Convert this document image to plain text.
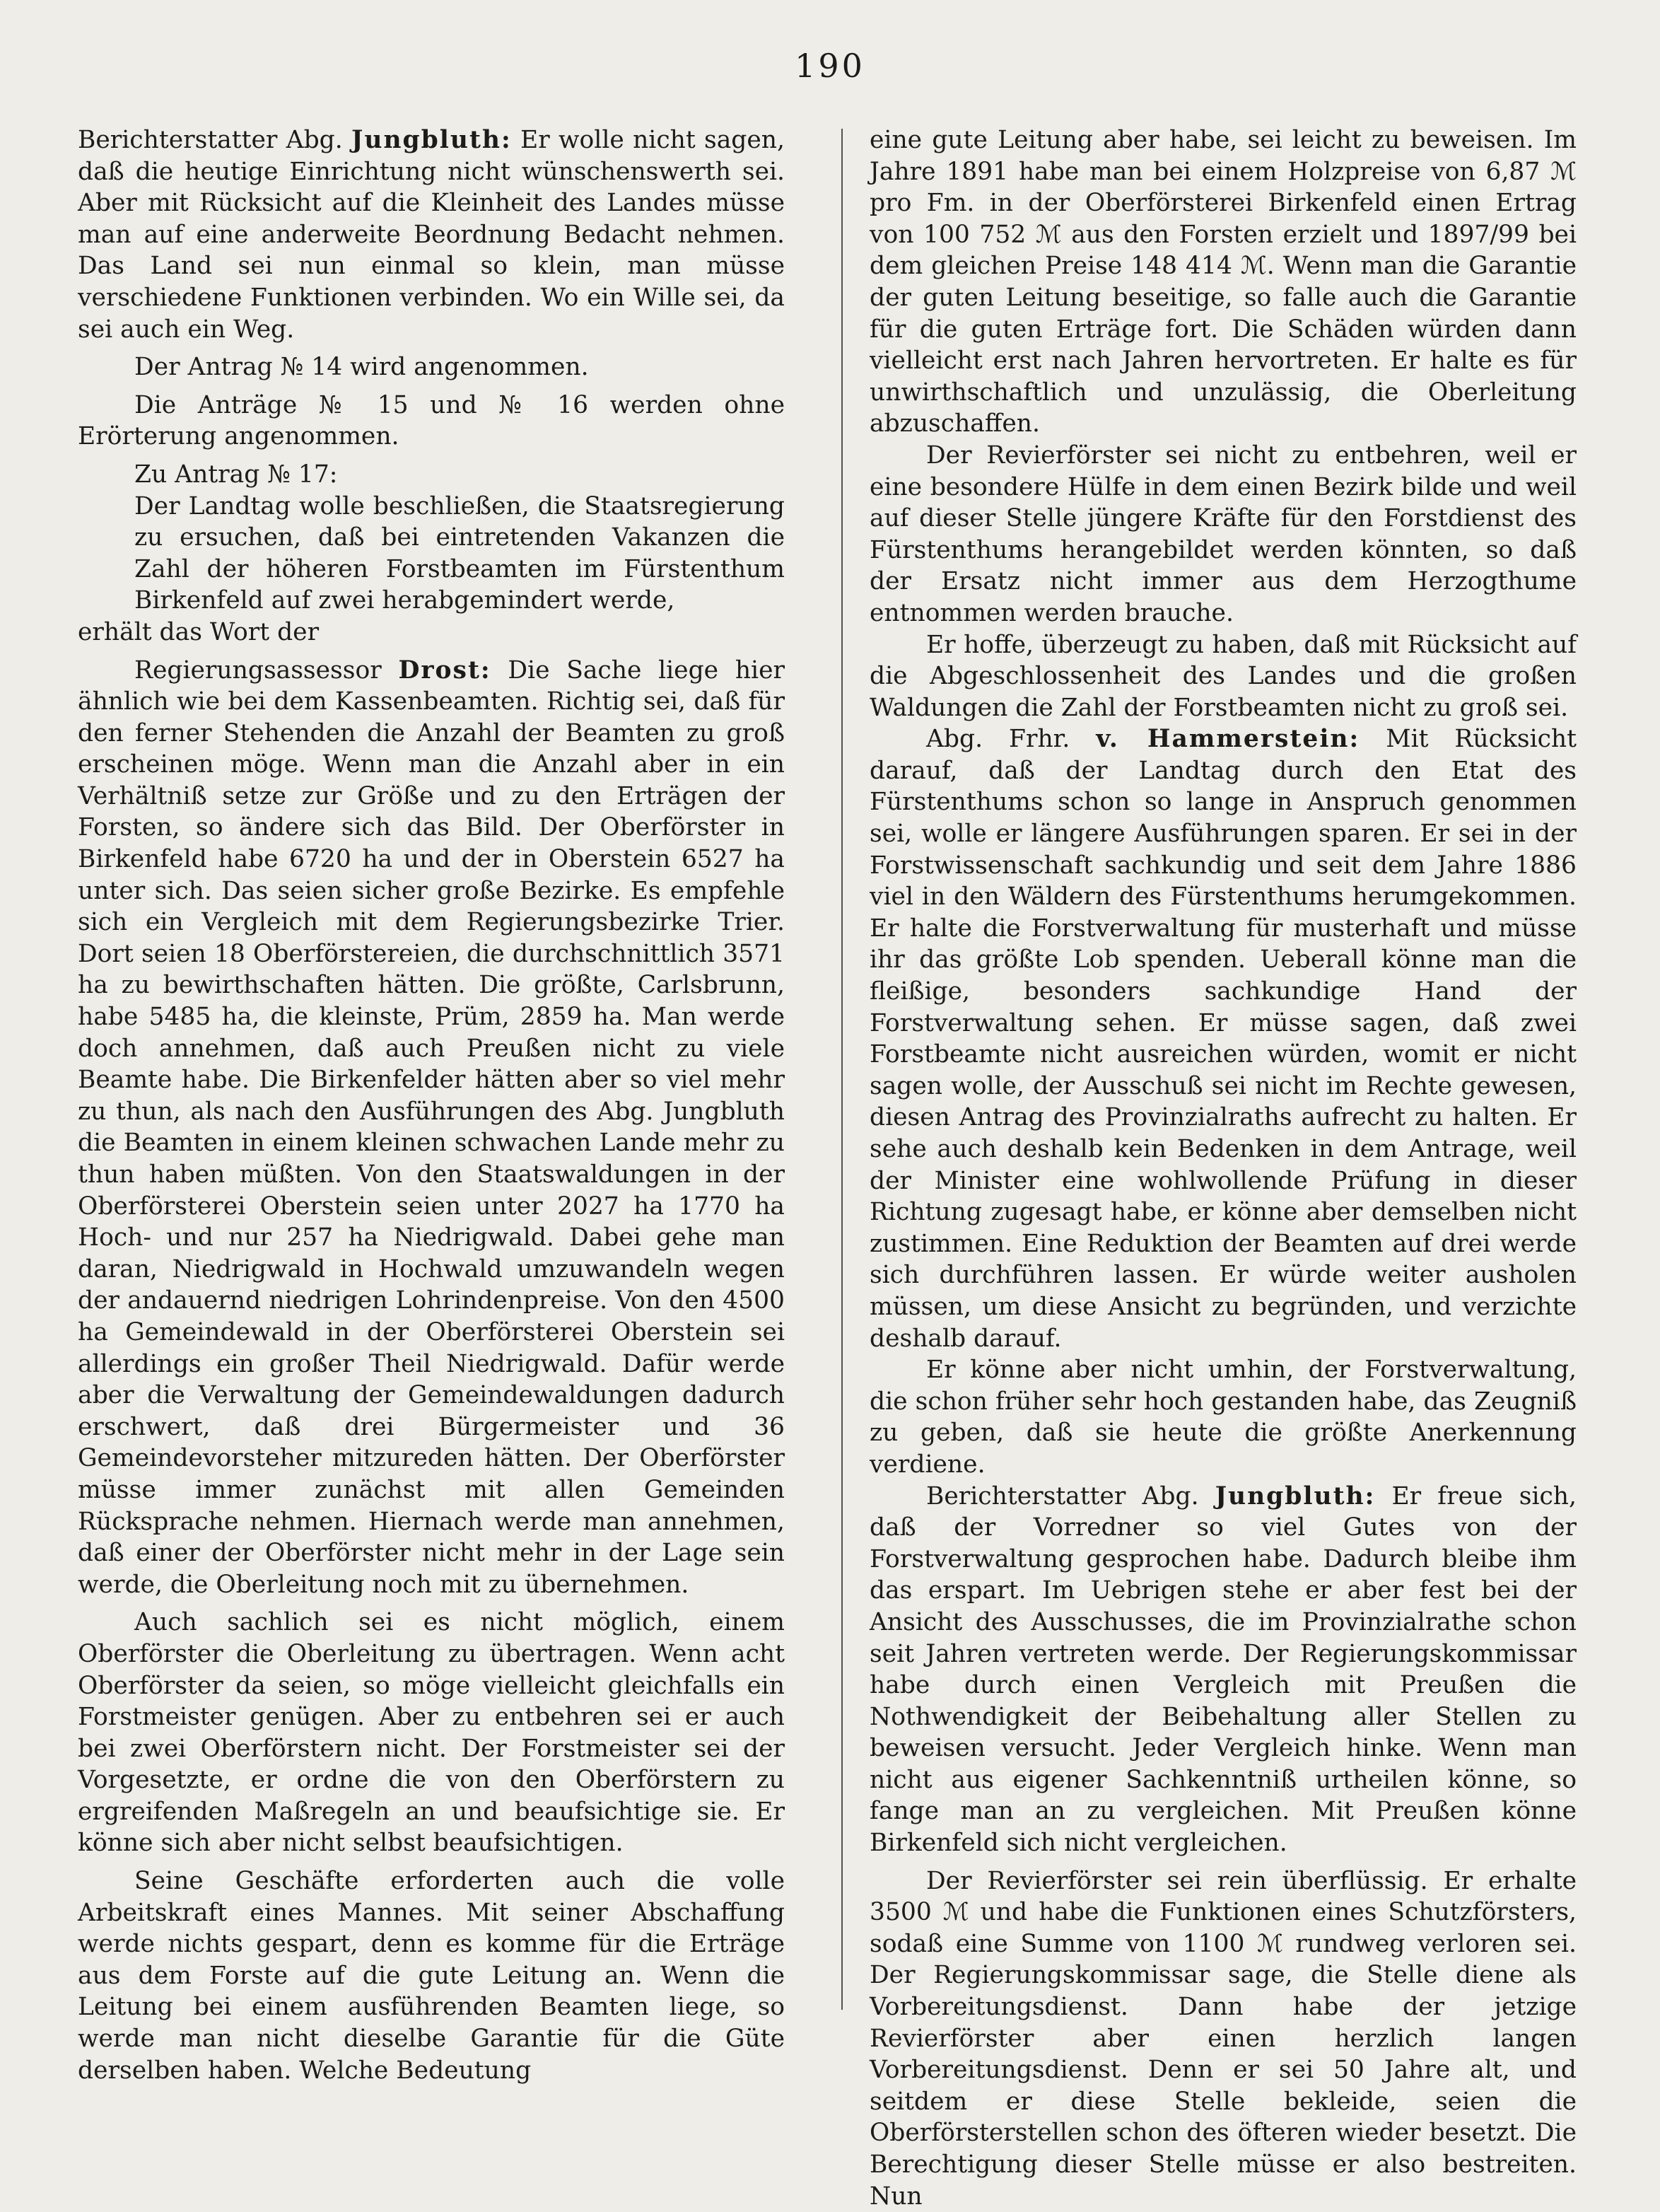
190

Berichterstatter Abg. Jungbluth: Er wolle nicht sagen, daß die heutige Einrichtung nicht wünschenswerth sei. Aber mit Rücksicht auf die Kleinheit des Landes müsse man auf eine anderweite Beordnung Bedacht nehmen. Das Land sei nun einmal so klein, man müsse verschiedene Funktionen verbinden. Wo ein Wille sei, da sei auch ein Weg.

Der Antrag № 14 wird angenommen.

Die Anträge № 15 und № 16 werden ohne Erörterung angenommen.

Zu Antrag № 17:

Der Landtag wolle beschließen, die Staatsregierung zu ersuchen, daß bei eintretenden Vakanzen die Zahl der höheren Forstbeamten im Fürstenthum Birkenfeld auf zwei herabgemindert werde,

erhält das Wort der

Regierungsassessor Drost: Die Sache liege hier ähnlich wie bei dem Kassenbeamten. Richtig sei, daß für den ferner Stehenden die Anzahl der Beamten zu groß erscheinen möge. Wenn man die Anzahl aber in ein Verhältniß setze zur Größe und zu den Erträgen der Forsten, so ändere sich das Bild. Der Oberförster in Birkenfeld habe 6720 ha und der in Oberstein 6527 ha unter sich. Das seien sicher große Bezirke. Es empfehle sich ein Vergleich mit dem Regierungsbezirke Trier. Dort seien 18 Oberförstereien, die durchschnittlich 3571 ha zu bewirthschaften hätten. Die größte, Carlsbrunn, habe 5485 ha, die kleinste, Prüm, 2859 ha. Man werde doch annehmen, daß auch Preußen nicht zu viele Beamte habe. Die Birkenfelder hätten aber so viel mehr zu thun, als nach den Ausführungen des Abg. Jungbluth die Beamten in einem kleinen schwachen Lande mehr zu thun haben müßten. Von den Staatswaldungen in der Oberförsterei Oberstein seien unter 2027 ha 1770 ha Hoch- und nur 257 ha Niedrigwald. Dabei gehe man daran, Niedrigwald in Hochwald umzuwandeln wegen der andauernd niedrigen Lohrindenpreise. Von den 4500 ha Gemeindewald in der Oberförsterei Oberstein sei allerdings ein großer Theil Niedrigwald. Dafür werde aber die Verwaltung der Gemeindewaldungen dadurch erschwert, daß drei Bürgermeister und 36 Gemeindevorsteher mitzureden hätten. Der Oberförster müsse immer zunächst mit allen Gemeinden Rücksprache nehmen. Hiernach werde man annehmen, daß einer der Oberförster nicht mehr in der Lage sein werde, die Oberleitung noch mit zu übernehmen.

Auch sachlich sei es nicht möglich, einem Oberförster die Oberleitung zu übertragen. Wenn acht Oberförster da seien, so möge vielleicht gleichfalls ein Forstmeister genügen. Aber zu entbehren sei er auch bei zwei Oberförstern nicht. Der Forstmeister sei der Vorgesetzte, er ordne die von den Oberförstern zu ergreifenden Maßregeln an und beaufsichtige sie. Er könne sich aber nicht selbst beaufsichtigen.

Seine Geschäfte erforderten auch die volle Arbeitskraft eines Mannes. Mit seiner Abschaffung werde nichts gespart, denn es komme für die Erträge aus dem Forste auf die gute Leitung an. Wenn die Leitung bei einem ausführenden Beamten liege, so werde man nicht dieselbe Garantie für die Güte derselben haben. Welche Bedeutung

eine gute Leitung aber habe, sei leicht zu beweisen. Im Jahre 1891 habe man bei einem Holzpreise von 6,87 ℳ pro Fm. in der Oberförsterei Birkenfeld einen Ertrag von 100 752 ℳ aus den Forsten erzielt und 1897/99 bei dem gleichen Preise 148 414 ℳ. Wenn man die Garantie der guten Leitung beseitige, so falle auch die Garantie für die guten Erträge fort. Die Schäden würden dann vielleicht erst nach Jahren hervortreten. Er halte es für unwirthschaftlich und unzulässig, die Oberleitung abzuschaffen.

Der Revierförster sei nicht zu entbehren, weil er eine besondere Hülfe in dem einen Bezirk bilde und weil auf dieser Stelle jüngere Kräfte für den Forstdienst des Fürstenthums herangebildet werden könnten, so daß der Ersatz nicht immer aus dem Herzogthume entnommen werden brauche.

Er hoffe, überzeugt zu haben, daß mit Rücksicht auf die Abgeschlossenheit des Landes und die großen Waldungen die Zahl der Forstbeamten nicht zu groß sei.

Abg. Frhr. v. Hammerstein: Mit Rücksicht darauf, daß der Landtag durch den Etat des Fürstenthums schon so lange in Anspruch genommen sei, wolle er längere Ausführungen sparen. Er sei in der Forstwissenschaft sachkundig und seit dem Jahre 1886 viel in den Wäldern des Fürstenthums herumgekommen. Er halte die Forstverwaltung für musterhaft und müsse ihr das größte Lob spenden. Ueberall könne man die fleißige, besonders sachkundige Hand der Forstverwaltung sehen. Er müsse sagen, daß zwei Forstbeamte nicht ausreichen würden, womit er nicht sagen wolle, der Ausschuß sei nicht im Rechte gewesen, diesen Antrag des Provinzialraths aufrecht zu halten. Er sehe auch deshalb kein Bedenken in dem Antrage, weil der Minister eine wohlwollende Prüfung in dieser Richtung zugesagt habe, er könne aber demselben nicht zustimmen. Eine Reduktion der Beamten auf drei werde sich durchführen lassen. Er würde weiter ausholen müssen, um diese Ansicht zu begründen, und verzichte deshalb darauf.

Er könne aber nicht umhin, der Forstverwaltung, die schon früher sehr hoch gestanden habe, das Zeugniß zu geben, daß sie heute die größte Anerkennung verdiene.

Berichterstatter Abg. Jungbluth: Er freue sich, daß der Vorredner so viel Gutes von der Forstverwaltung gesprochen habe. Dadurch bleibe ihm das erspart. Im Uebrigen stehe er aber fest bei der Ansicht des Ausschusses, die im Provinzialrathe schon seit Jahren vertreten werde. Der Regierungskommissar habe durch einen Vergleich mit Preußen die Nothwendigkeit der Beibehaltung aller Stellen zu beweisen versucht. Jeder Vergleich hinke. Wenn man nicht aus eigener Sachkenntniß urtheilen könne, so fange man an zu vergleichen. Mit Preußen könne Birkenfeld sich nicht vergleichen.

Der Revierförster sei rein überflüssig. Er erhalte 3500 ℳ und habe die Funktionen eines Schutzförsters, sodaß eine Summe von 1100 ℳ rundweg verloren sei. Der Regierungskommissar sage, die Stelle diene als Vorbereitungsdienst. Dann habe der jetzige Revierförster aber einen herzlich langen Vorbereitungsdienst. Denn er sei 50 Jahre alt, und seitdem er diese Stelle bekleide, seien die Oberförsterstellen schon des öfteren wieder besetzt. Die Berechtigung dieser Stelle müsse er also bestreiten. Nun
